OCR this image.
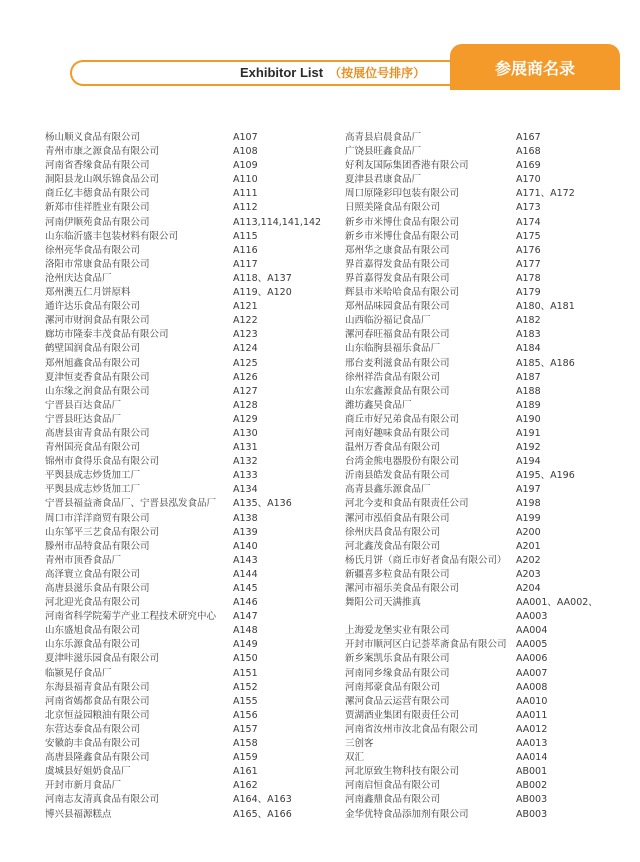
Exhibitor List （按展位号排序）	参展商名录
杨山顺义食品有限公司	A107
青州市康之源食品有限公司	A108
河南省香缘食品有限公司	A109
洞阳县龙山飒乐锦食品公司	A110
商丘亿丰德食品有限公司	A111
新郑市佳祥胜业有限公司	A112
河南伊顺苑食品有限公司	A113,114,141,142
山东临沂盛丰包装材料有限公司	A115
徐州亮华食品有限公司	A116
洛阳市常康食品有限公司	A117
沧州庆达食品厂	A118、A137
郑州澳五仁月饼原料	A119、A120
通许达乐食品有限公司	A121
漯河市财润食品有限公司	A122
廊坊市隆泰丰茂食品有限公司	A123
鹤壁国润食品有限公司	A124
郑州旭鑫食品有限公司	A125
夏津恒麦香食品有限公司	A126
山东缘之润食品有限公司	A127
宁晋县百达食品厂	A128
宁晋县旺达食品厂	A129
高唐县宙青食品有限公司	A130
青州国亮食品有限公司	A131
锦州市食得乐食品有限公司	A132
平舆县成志炒货加工厂	A133
平舆县成志炒货加工厂	A134
宁晋县福益斋食品厂、宁晋县泓发食品厂 A135、A136
周口市洋洋商贸有限公司	A138
山东邹平三艺食品有限公司	A139
滕州市品特食品有限公司	A140
青州市顶香食品厂	A143
高泽寰立食品有限公司	A144
高唐县滋乐食品有限公司	A145
河北迎光食品有限公司	A146
河南省科学院菊芋产业工程技术研究中心 A147
山东盛旭食品有限公司	A148
山东乐源食品有限公司	A149
夏津咔滋乐园食品有限公司	A150
临颍晃仔食品厂	A151
东海县福青食品有限公司	A152
河南省嫣都食品有限公司	A155
北京恒益园粮油有限公司	A156
东营达泰食品有限公司	A157
安徽韵丰食品有限公司	A158
高唐县隆鑫食品有限公司	A159
虞城县好姐奶食品厂	A161
开封市新月食品厂	A162
河南志友清真食品有限公司	A164、A163
博兴县福源糕点	A165、A166
高青县启晨食品厂	A167
广饶县旺鑫食品厂	A168
好利友国际集团香港有限公司	A169
夏津县君康食品厂	A170
周口原隆彩印包装有限公司	A171、A172
日照美隆食品有限公司	A173
新乡市米博仕食品有限公司	A174
新乡市米博仕食品有限公司	A175
郑州华之康食品有限公司	A176
界首嘉得发食品有限公司	A177
界首嘉得发食品有限公司	A178
辉县市米哈哈食品有限公司	A179
郑州品味园食品有限公司	A180、A181
山西临汾福记食品厂	A182
漯河春旺福食品有限公司	A183
山东临朐县福乐食品厂	A184
邢台麦利滋食品有限公司	A185、A186
徐州祥浩食品有限公司	A187
山东宏鑫源食品有限公司	A188
潍坊鑫昊食品厂	A189
商丘市好兄弟食品有限公司	A190
河南好趣味食品有限公司	A191
温州万香食品有限公司	A192
台湾金熊电器股份有限公司	A194
沂南县皓发食品有限公司	A195、A196
高青县鑫乐源食品厂	A197
河北今麦和食品有限责任公司	A198
漯河市泓佰食品有限公司	A199
徐州庆昌食品有限公司	A200
河北鑫茂食品有限公司	A201
杨氏月饼（商丘市好者食品有限公司） A202
新疆喜多粒食品有限公司	A203
漯河市福乐美食品有限公司	A204
舞阳公司天满推真	AA001、AA002、
AA003
上海爱龙堡实业有限公司	AA004
开封市顺河区白记荟萃斋食品有限公司 AA005
新乡案凯乐食品有限公司	AA006
河南同乡缘食品有限公司	AA007
河南邦豪食品有限公司	AA008
漯河食品云运营有限公司	AA010
贾湖酒业集团有限责任公司	AA011
河南省汝州市汝北食品有限公司	AA012
三创客	AA013
双汇	AA014
河北原致生物科技有限公司	AB001
河南启恒食品有限公司	AB002
河南鑫鼎食品有限公司	AB003
金华优特食品添加剂有限公司	AB003
